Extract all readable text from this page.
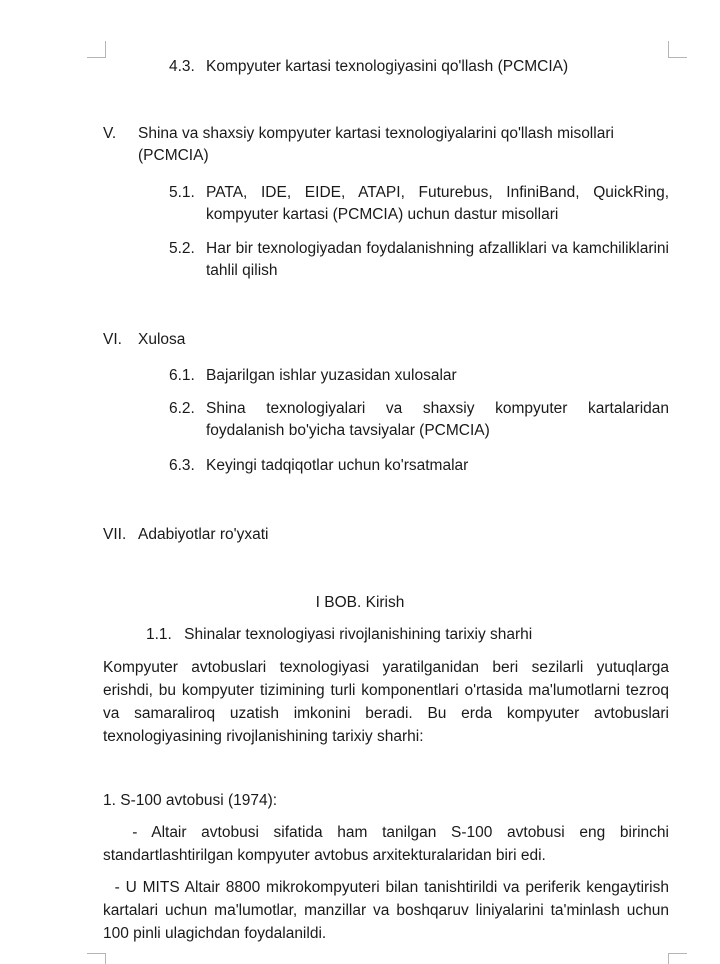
4.3. Kompyuter kartasi texnologiyasini qo'llash (PCMCIA)
V. Shina va shaxsiy kompyuter kartasi texnologiyalarini qo'llash misollari (PCMCIA)
5.1. PATA, IDE, EIDE, ATAPI, Futurebus, InfiniBand, QuickRing, kompyuter kartasi (PCMCIA) uchun dastur misollari
5.2. Har bir texnologiyadan foydalanishning afzalliklari va kamchiliklarini tahlil qilish
VI. Xulosa
6.1. Bajarilgan ishlar yuzasidan xulosalar
6.2. Shina texnologiyalari va shaxsiy kompyuter kartalaridan foydalanish bo'yicha tavsiyalar (PCMCIA)
6.3. Keyingi tadqiqotlar uchun ko'rsatmalar
VII. Adabiyotlar ro'yxati
I BOB. Kirish
1.1. Shinalar texnologiyasi rivojlanishining tarixiy sharhi
Kompyuter avtobuslari texnologiyasi yaratilganidan beri sezilarli yutuqlarga erishdi, bu kompyuter tizimining turli komponentlari o'rtasida ma'lumotlarni tezroq va samaraliroq uzatish imkonini beradi. Bu erda kompyuter avtobuslari texnologiyasining rivojlanishining tarixiy sharhi:
1. S-100 avtobusi (1974):
- Altair avtobusi sifatida ham tanilgan S-100 avtobusi eng birinchi standartlashtirilgan kompyuter avtobus arxitekturalaridan biri edi.
- U MITS Altair 8800 mikrokompyuteri bilan tanishtirildi va periferik kengaytirish kartalari uchun ma'lumotlar, manzillar va boshqaruv liniyalarini ta'minlash uchun 100 pinli ulagichdan foydalanildi.
